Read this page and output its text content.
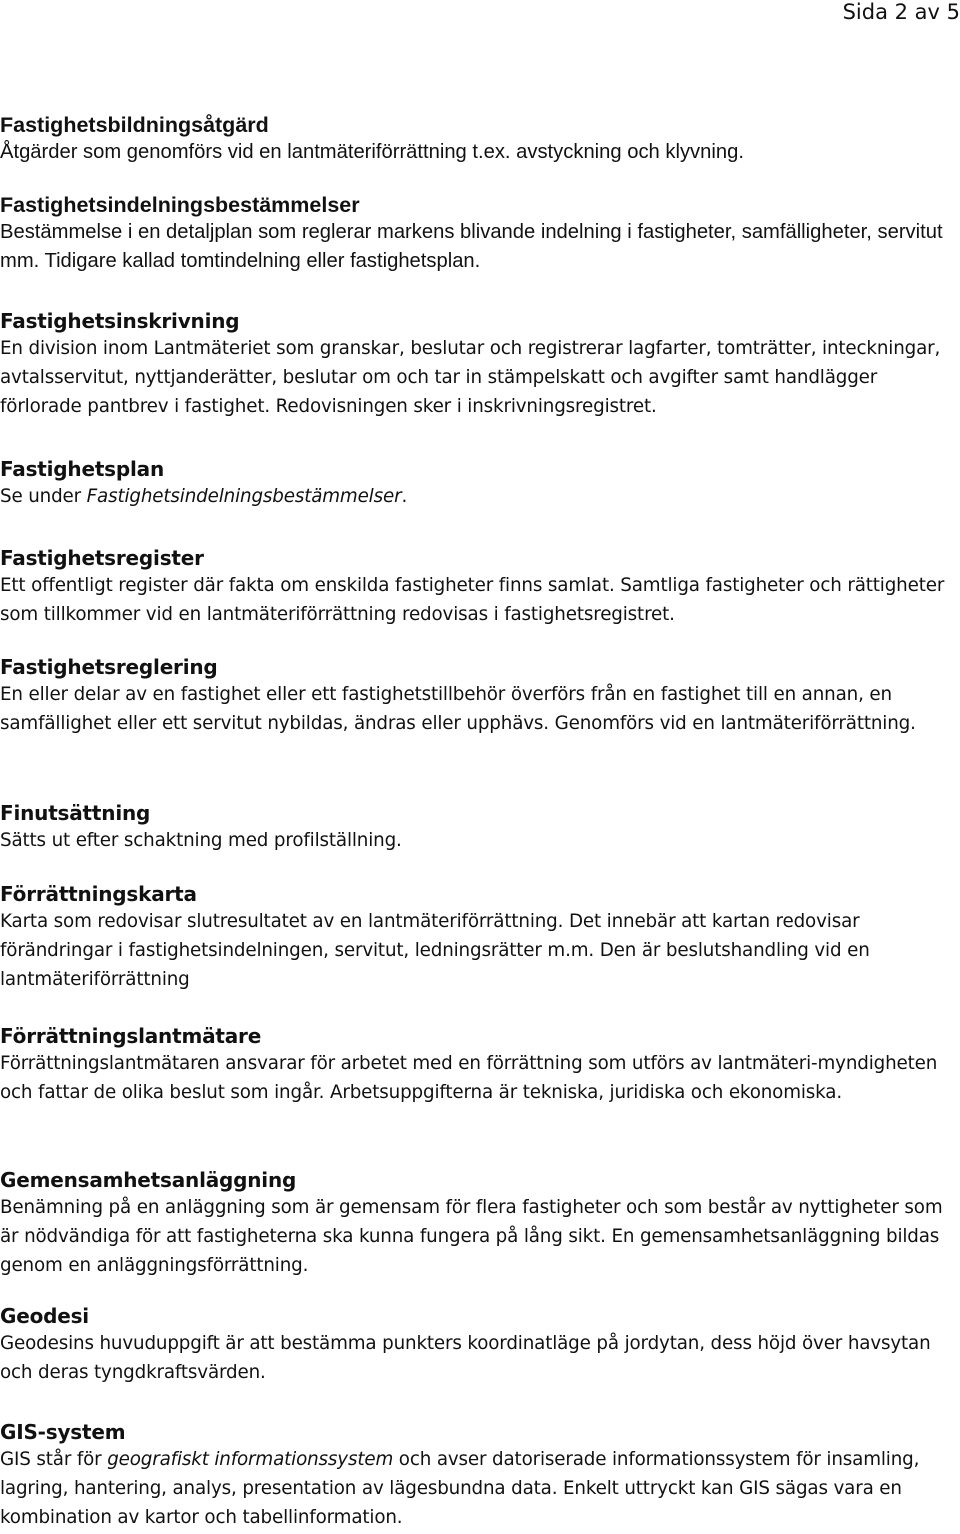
Sida 2 av 5
Fastighetsbildningsåtgärd
Åtgärder som genomförs vid en lantmäteriförrättning t.ex. avstyckning och klyvning.
Fastighetsindelningsbestämmelser
Bestämmelse i en detaljplan som reglerar markens blivande indelning i fastigheter, samfälligheter, servitut mm. Tidigare kallad tomtindelning eller fastighetsplan.
Fastighetsinskrivning
En division inom Lantmäteriet som granskar, beslutar och registrerar lagfarter, tomträtter, inteckningar, avtalsservitut, nyttjanderätter, beslutar om och tar in stämpelskatt och avgifter samt handlägger förlorade pantbrev i fastighet. Redovisningen sker i inskrivningsregistret.
Fastighetsplan
Se under Fastighetsindelningsbestämmelser.
Fastighetsregister
Ett offentligt register där fakta om enskilda fastigheter finns samlat. Samtliga fastigheter och rättigheter som tillkommer vid en lantmäteriförrättning redovisas i fastighetsregistret.
Fastighetsreglering
En eller delar av en fastighet eller ett fastighetstillbehör överförs från en fastighet till en annan, en samfällighet eller ett servitut nybildas, ändras eller upphävs. Genomförs vid en lantmäteriförrättning.
Finutsättning
Sätts ut efter schaktning med profilställning.
Förrättningskarta
Karta som redovisar slutresultatet av en lantmäteriförrättning. Det innebär att kartan redovisar förändringar i fastighetsindelningen, servitut, ledningsrätter m.m. Den är beslutshandling vid en lantmäteriförrättning
Förrättningslantmätare
Förrättningslantmätaren ansvarar för arbetet med en förrättning som utförs av lantmäteri-myndigheten och fattar de olika beslut som ingår. Arbetsuppgifterna är tekniska, juridiska och ekonomiska.
Gemensamhetsanläggning
Benämning på en anläggning som är gemensam för flera fastigheter och som består av nyttigheter som är nödvändiga för att fastigheterna ska kunna fungera på lång sikt. En gemensamhetsanläggning bildas genom en anläggningsförrättning.
Geodesi
Geodesins huvuduppgift är att bestämma punkters koordinatläge på jordytan, dess höjd över havsytan och deras tyngdkraftsvärden.
GIS-system
GIS står för geografiskt informationssystem och avser datoriserade informationssystem för insamling, lagring, hantering, analys, presentation av lägesbundna data. Enkelt uttryckt kan GIS sägas vara en kombination av kartor och tabellinformation.
